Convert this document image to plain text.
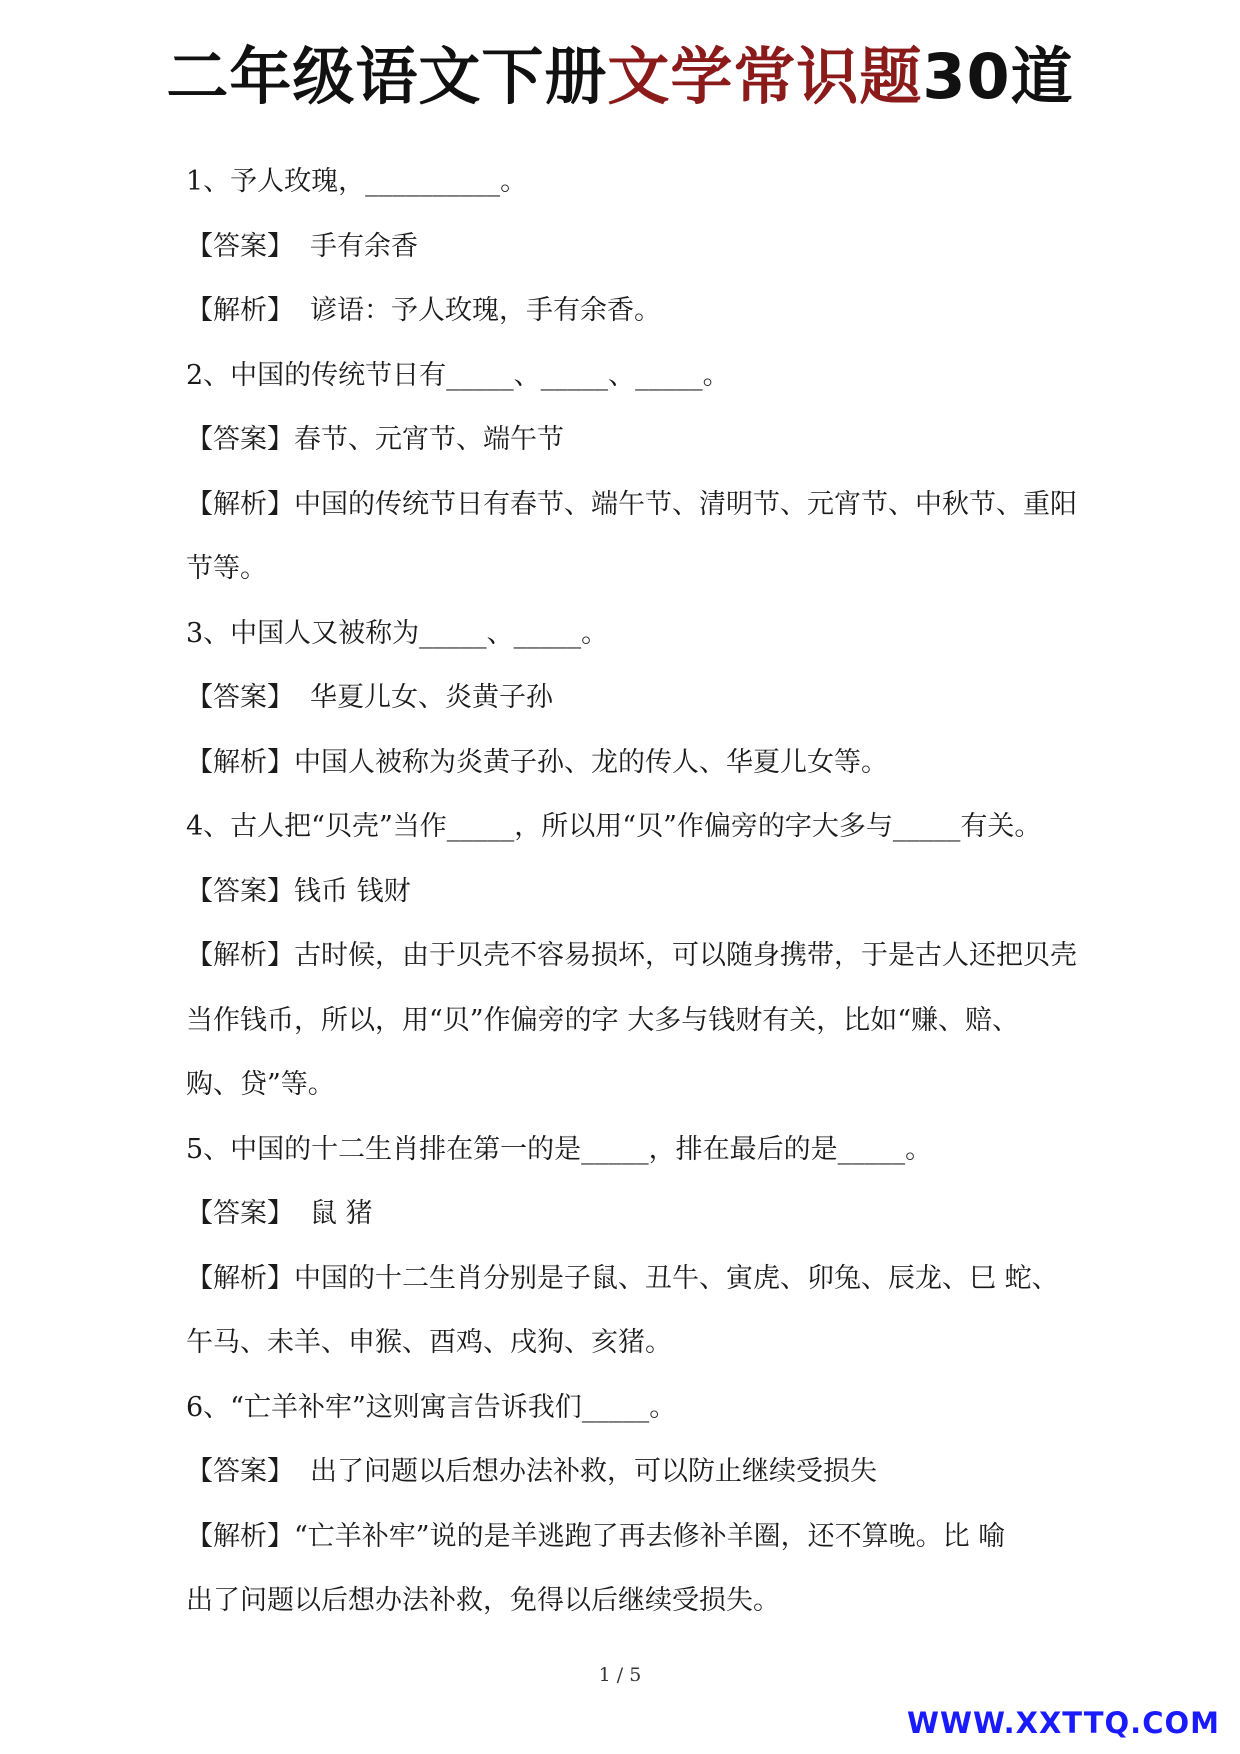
二年级语文下册文学常识题30道
1、予人玫瑰，__________。
【答案】 手有余香
【解析】 谚语：予人玫瑰，手有余香。
2、中国的传统节日有_____、_____、_____。
【答案】春节、元宵节、端午节
【解析】中国的传统节日有春节、端午节、清明节、元宵节、中秋节、重阳
节等。
3、中国人又被称为_____、_____。
【答案】 华夏儿女、炎黄子孙
【解析】中国人被称为炎黄子孙、龙的传人、华夏儿女等。
4、古人把“贝壳”当作_____，所以用“贝”作偏旁的字大多与_____有关。
【答案】钱币 钱财
【解析】古时候，由于贝壳不容易损坏，可以随身携带，于是古人还把贝壳
当作钱币，所以，用“贝”作偏旁的字 大多与钱财有关，比如“赚、赔、
购、贷”等。
5、中国的十二生肖排在第一的是_____，排在最后的是_____。
【答案】 鼠 猪
【解析】中国的十二生肖分别是子鼠、丑牛、寅虎、卯兔、辰龙、巳 蛇、
午马、未羊、申猴、酉鸡、戌狗、亥猪。
6、“亡羊补牢”这则寓言告诉我们_____。
【答案】 出了问题以后想办法补救，可以防止继续受损失
【解析】“亡羊补牢”说的是羊逃跑了再去修补羊圈，还不算晚。比 喻
出了问题以后想办法补救，免得以后继续受损失。
1 / 5
WWW.XXTTQ.COM
